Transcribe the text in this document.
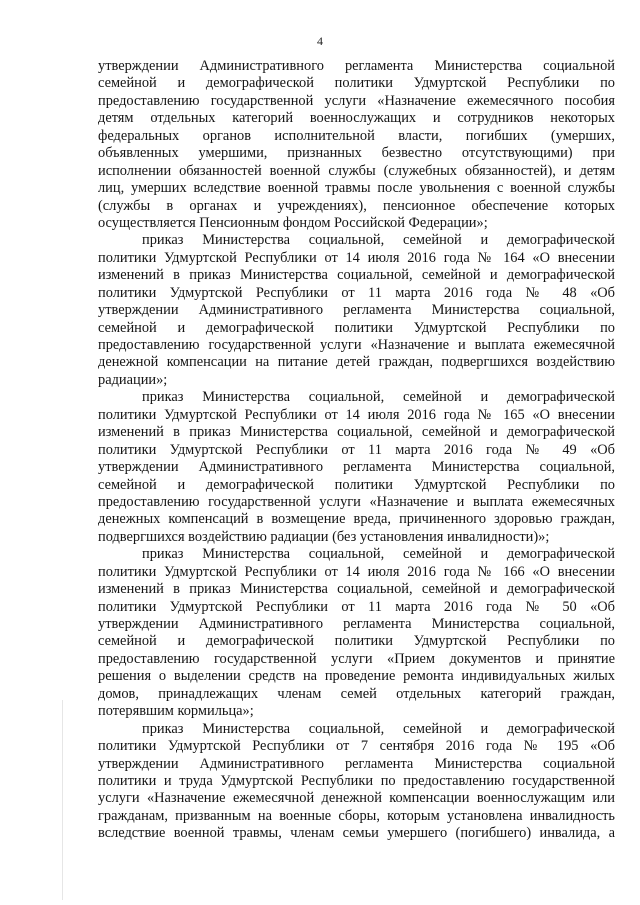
4
утверждении Административного регламента Министерства социальной
семейной и демографической политики Удмуртской Республики по
предоставлению государственной услуги «Назначение ежемесячного пособия
детям отдельных категорий военнослужащих и сотрудников некоторых
федеральных органов исполнительной власти, погибших (умерших,
объявленных умершими, признанных безвестно отсутствующими) при
исполнении обязанностей военной службы (служебных обязанностей), и детям
лиц, умерших вследствие военной травмы после увольнения с военной службы
(службы в органах и учреждениях), пенсионное обеспечение которых
осуществляется Пенсионным фондом Российской Федерации»;
приказ Министерства социальной, семейной и демографической
политики Удмуртской Республики от 14 июля 2016 года № 164 «О внесении
изменений в приказ Министерства социальной, семейной и демографической
политики Удмуртской Республики от 11 марта 2016 года № 48 «Об
утверждении Административного регламента Министерства социальной,
семейной и демографической политики Удмуртской Республики по
предоставлению государственной услуги «Назначение и выплата ежемесячной
денежной компенсации на питание детей граждан, подвергшихся воздействию
радиации»;
приказ Министерства социальной, семейной и демографической
политики Удмуртской Республики от 14 июля 2016 года № 165 «О внесении
изменений в приказ Министерства социальной, семейной и демографической
политики Удмуртской Республики от 11 марта 2016 года № 49 «Об
утверждении Административного регламента Министерства социальной,
семейной и демографической политики Удмуртской Республики по
предоставлению государственной услуги «Назначение и выплата ежемесячных
денежных компенсаций в возмещение вреда, причиненного здоровью граждан,
подвергшихся воздействию радиации (без установления инвалидности)»;
приказ Министерства социальной, семейной и демографической
политики Удмуртской Республики от 14 июля 2016 года № 166 «О внесении
изменений в приказ Министерства социальной, семейной и демографической
политики Удмуртской Республики от 11 марта 2016 года № 50 «Об
утверждении Административного регламента Министерства социальной,
семейной и демографической политики Удмуртской Республики по
предоставлению государственной услуги «Прием документов и принятие
решения о выделении средств на проведение ремонта индивидуальных жилых
домов, принадлежащих членам семей отдельных категорий граждан,
потерявшим кормильца»;
приказ Министерства социальной, семейной и демографической
политики Удмуртской Республики от 7 сентября 2016 года № 195 «Об
утверждении Административного регламента Министерства социальной
политики и труда Удмуртской Республики по предоставлению государственной
услуги «Назначение ежемесячной денежной компенсации военнослужащим или
гражданам, призванным на военные сборы, которым установлена инвалидность
вследствие военной травмы, членам семьи умершего (погибшего) инвалида, а
